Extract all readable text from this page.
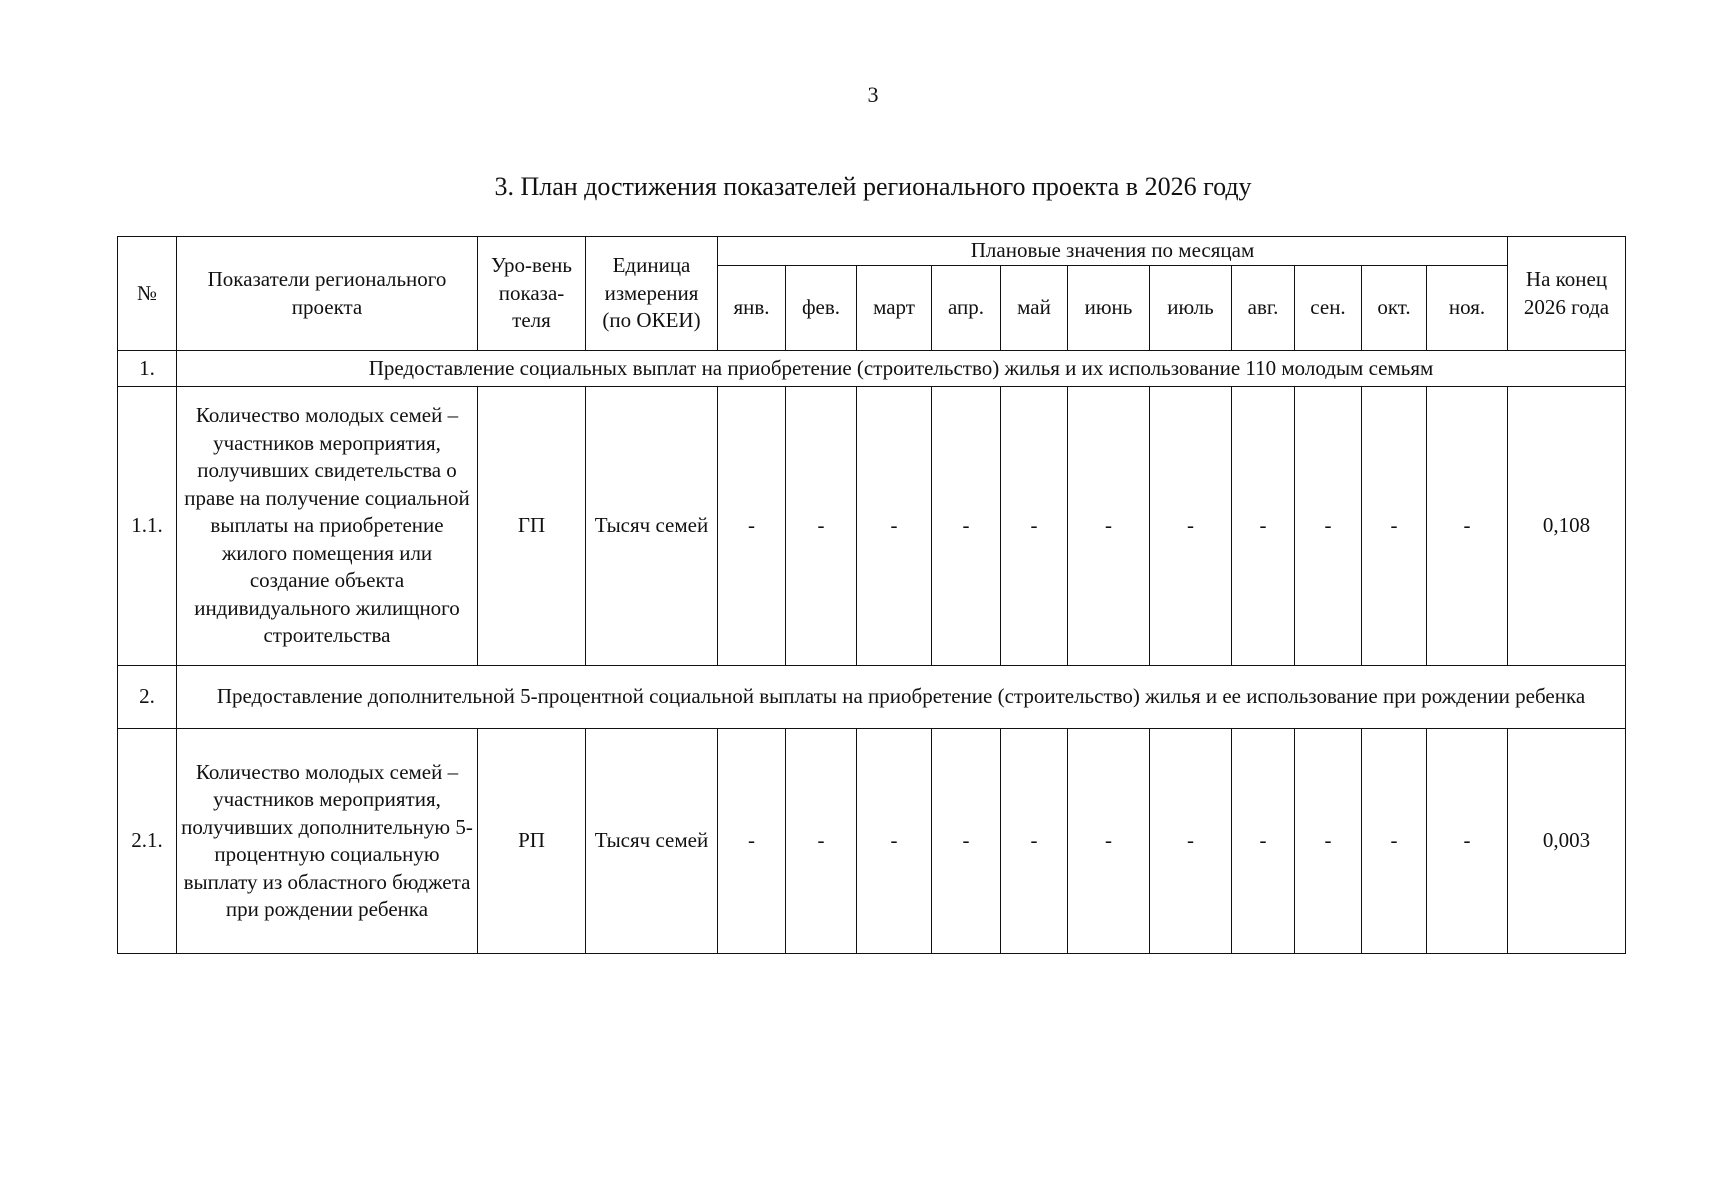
3
3. План достижения показателей регионального проекта в 2026 году
№	Показатели регионального проекта	Уро-вень показа-теля	Единица измерения (по ОКЕИ)	Плановые значения по месяцам											На конец 2026 года
				янв.	фев.	март	апр.	май	июнь	июль	авг.	сен.	окт.	ноя.	
1.	Предоставление социальных выплат на приобретение (строительство) жилья и их использование 110 молодым семьям														
1.1.	Количество молодых семей – участников мероприятия, получивших свидетельства о праве на получение социальной выплаты на приобретение жилого помещения или создание объекта индивидуального жилищного строительства	ГП	Тысяч семей	-	-	-	-	-	-	-	-	-	-	-	0,108
2.	Предоставление дополнительной 5-процентной социальной выплаты на приобретение (строительство) жилья и ее использование при рождении ребенка														
2.1.	Количество молодых семей – участников мероприятия, получивших дополнительную 5-процентную социальную выплату из областного бюджета при рождении ребенка	РП	Тысяч семей	-	-	-	-	-	-	-	-	-	-	-	0,003
